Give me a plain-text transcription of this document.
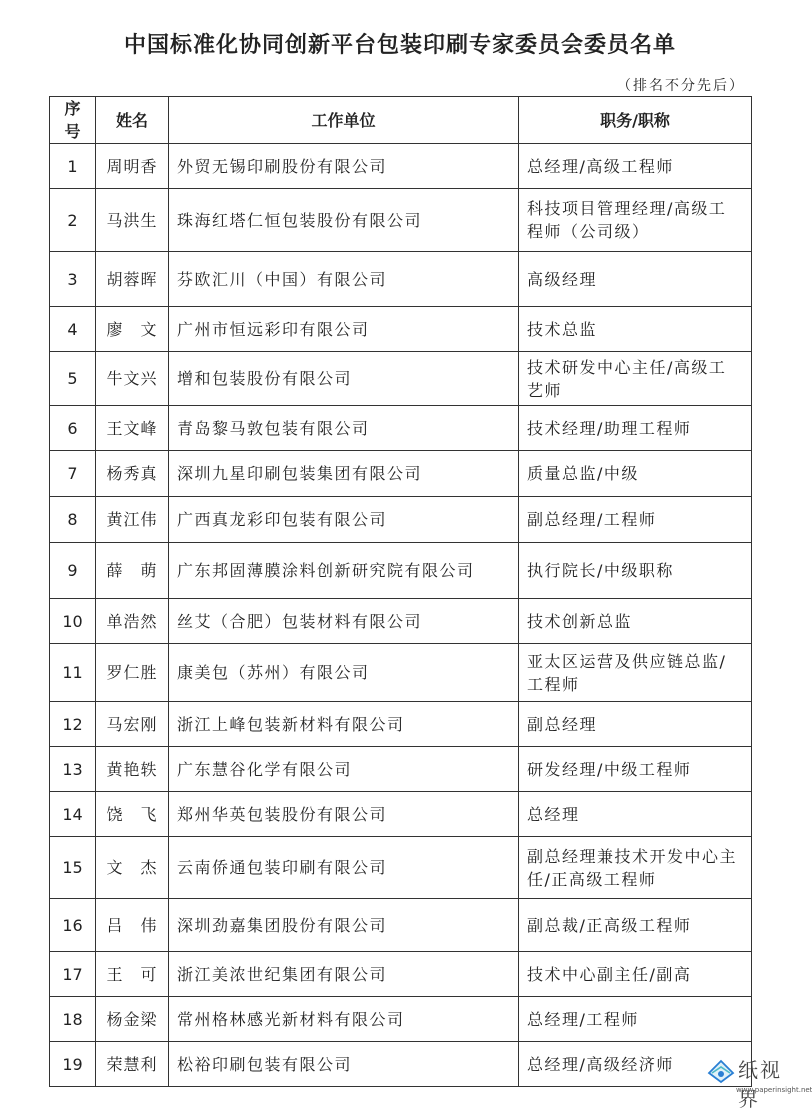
中国标准化协同创新平台包装印刷专家委员会委员名单
（排名不分先后）
序号	姓名	工作单位	职务/职称
1	周明香	外贸无锡印刷股份有限公司	总经理/高级工程师
2	马洪生	珠海红塔仁恒包装股份有限公司	科技项目管理经理/高级工程师（公司级）
3	胡蓉晖	芬欧汇川（中国）有限公司	高级经理
4	廖　文	广州市恒远彩印有限公司	技术总监
5	牛文兴	增和包装股份有限公司	技术研发中心主任/高级工艺师
6	王文峰	青岛黎马敦包装有限公司	技术经理/助理工程师
7	杨秀真	深圳九星印刷包装集团有限公司	质量总监/中级
8	黄江伟	广西真龙彩印包装有限公司	副总经理/工程师
9	薛　萌	广东邦固薄膜涂料创新研究院有限公司	执行院长/中级职称
10	单浩然	丝艾（合肥）包装材料有限公司	技术创新总监
11	罗仁胜	康美包（苏州）有限公司	亚太区运营及供应链总监/工程师
12	马宏刚	浙江上峰包装新材料有限公司	副总经理
13	黄艳轶	广东慧谷化学有限公司	研发经理/中级工程师
14	饶　飞	郑州华英包装股份有限公司	总经理
15	文　杰	云南侨通包装印刷有限公司	副总经理兼技术开发中心主任/正高级工程师
16	吕　伟	深圳劲嘉集团股份有限公司	副总裁/正高级工程师
17	王　可	浙江美浓世纪集团有限公司	技术中心副主任/副高
18	杨金梁	常州格林感光新材料有限公司	总经理/工程师
19	荣慧利	松裕印刷包装有限公司	总经理/高级经济师	纸视界
www.paperinsight.net
